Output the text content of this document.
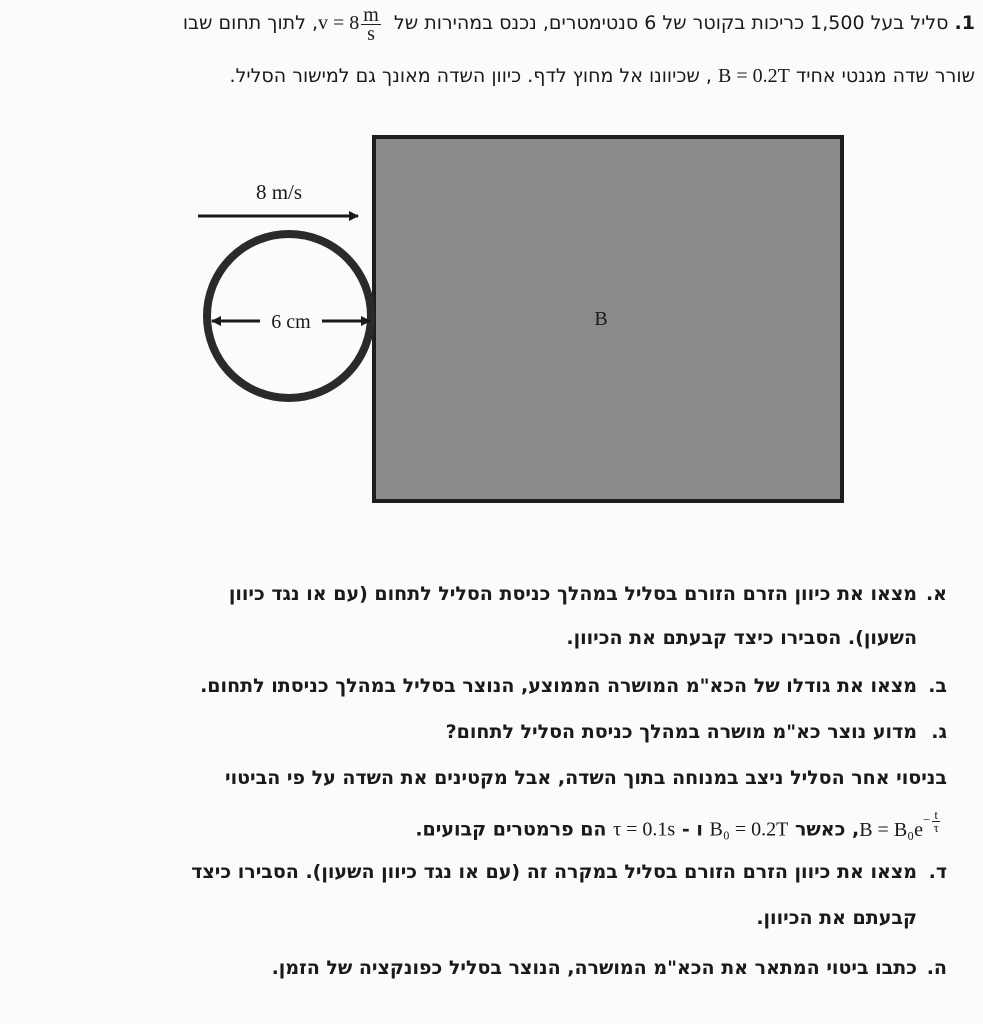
1. סליל בעל 1,500 כריכות בקוטר של 6 סנטימטרים, נכנס במהירות של $v = 8 \frac{m}{s}$
, לתוך תחום שבו
שורר שדה מגנטי אחיד B = 0.2T , שכיוונו אל מחוץ לדף. כיוון השדה מאונך גם למישור הסליל.
B
8 m/s
6 cm
א.מצאו את כיוון הזרם הזורם בסליל במהלך כניסת הסליל לתחום (עם או נגד כיוון
השעון). הסבירו כיצד קבעתם את הכיוון.
ב.מצאו את גודלו של הכא"מ המושרה הממוצע, הנוצר בסליל במהלך כניסתו לתחום.
ג.מדוע נוצר כא"מ מושרה במהלך כניסת הסליל לתחום?
בניסוי אחר הסליל ניצב במנוחה בתוך השדה, אבל מקטינים את השדה על פי הביטוי
$B = B_0e^{- \frac{t}{\tau}}$
, כאשר B₀ = 0.2T ו - τ = 0.1s הם פרמטרים קבועים.
ד.מצאו את כיוון הזרם הזורם בסליל במקרה זה (עם או נגד כיוון השעון). הסבירו כיצד
קבעתם את הכיוון.
ה.כתבו ביטוי המתאר את הכא"מ המושרה, הנוצר בסליל כפונקציה של הזמן.
